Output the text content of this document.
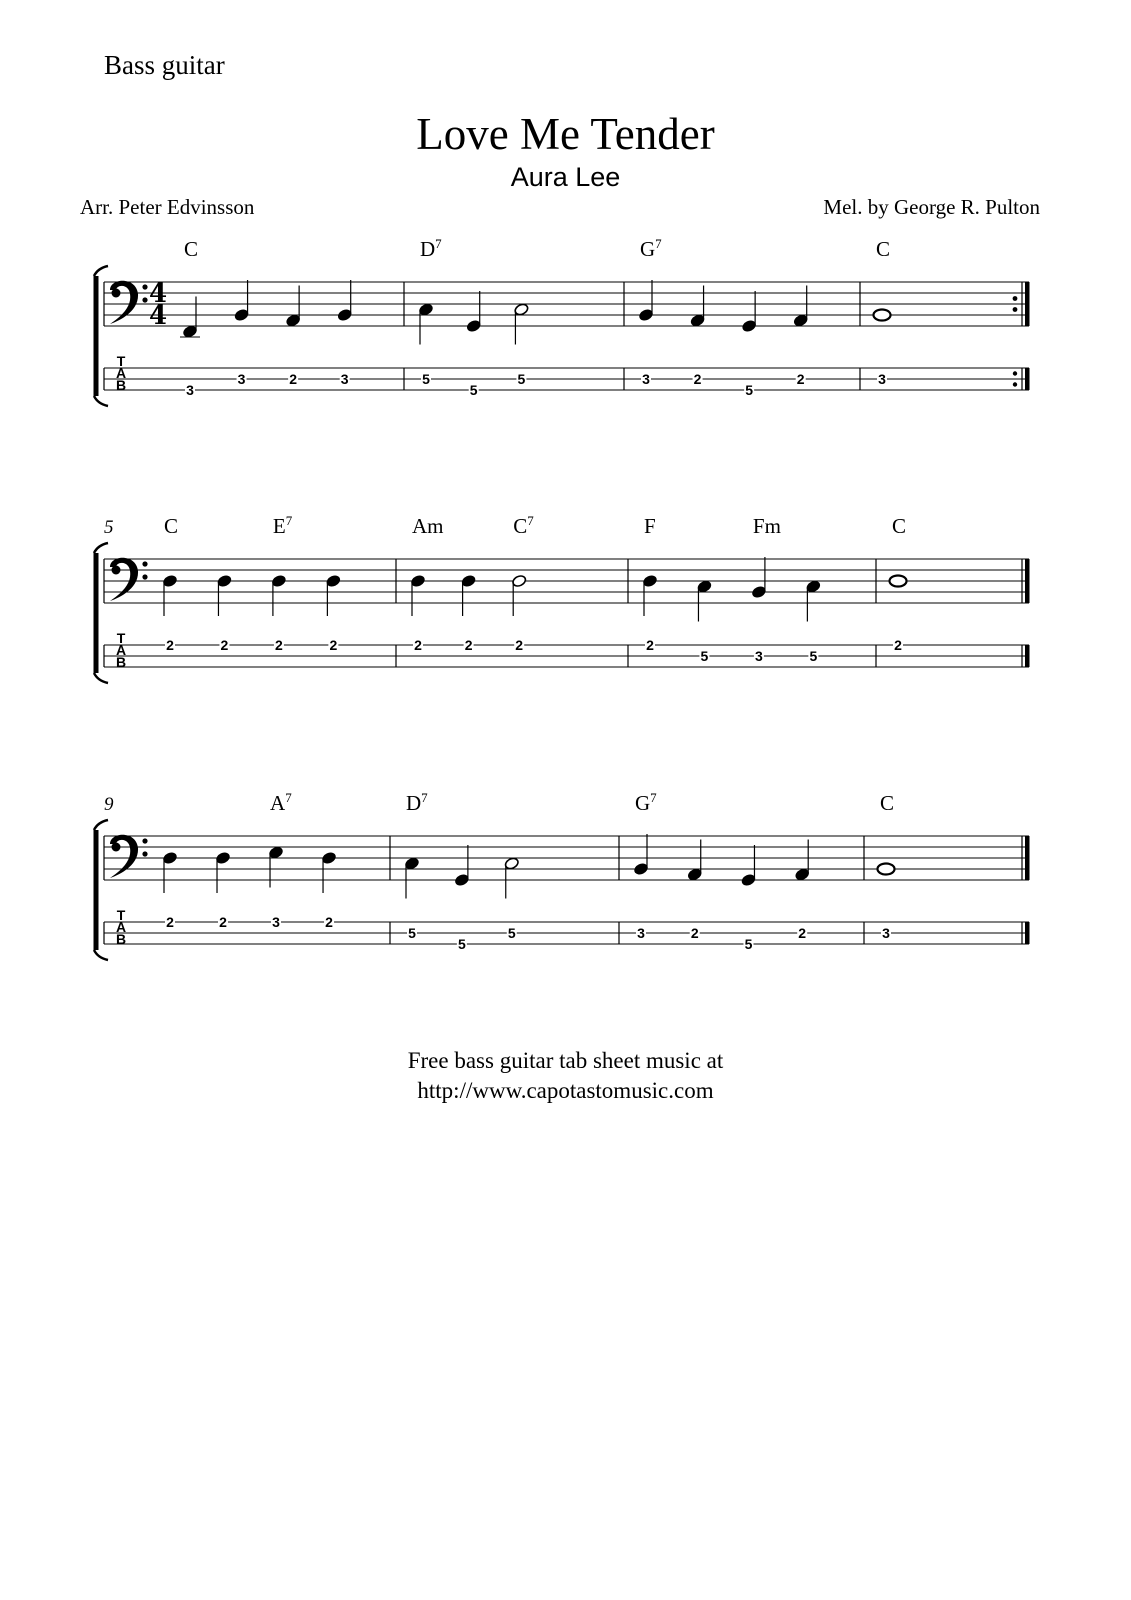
Bass guitar
Love Me Tender
Aura Lee
Arr. Peter Edvinsson	Mel. by George R. Pulton
T
A
B
4
4
3
3	2	3	5
5
5	3	2
5
2	3
C	$D^7$	$G^7$	C
T
A
B
5
2	2	2	2	2	2	2	2
5	3	5
2
C	$E^7$	Am	$C^7$	F	Fm	C
T
A
B
9
2	2	3	2
5
5
5	3	2
5
2	3
$A^7$	$D^7$	$G^7$	C
Free bass guitar tab sheet music at
http://www.capotastomusic.com
